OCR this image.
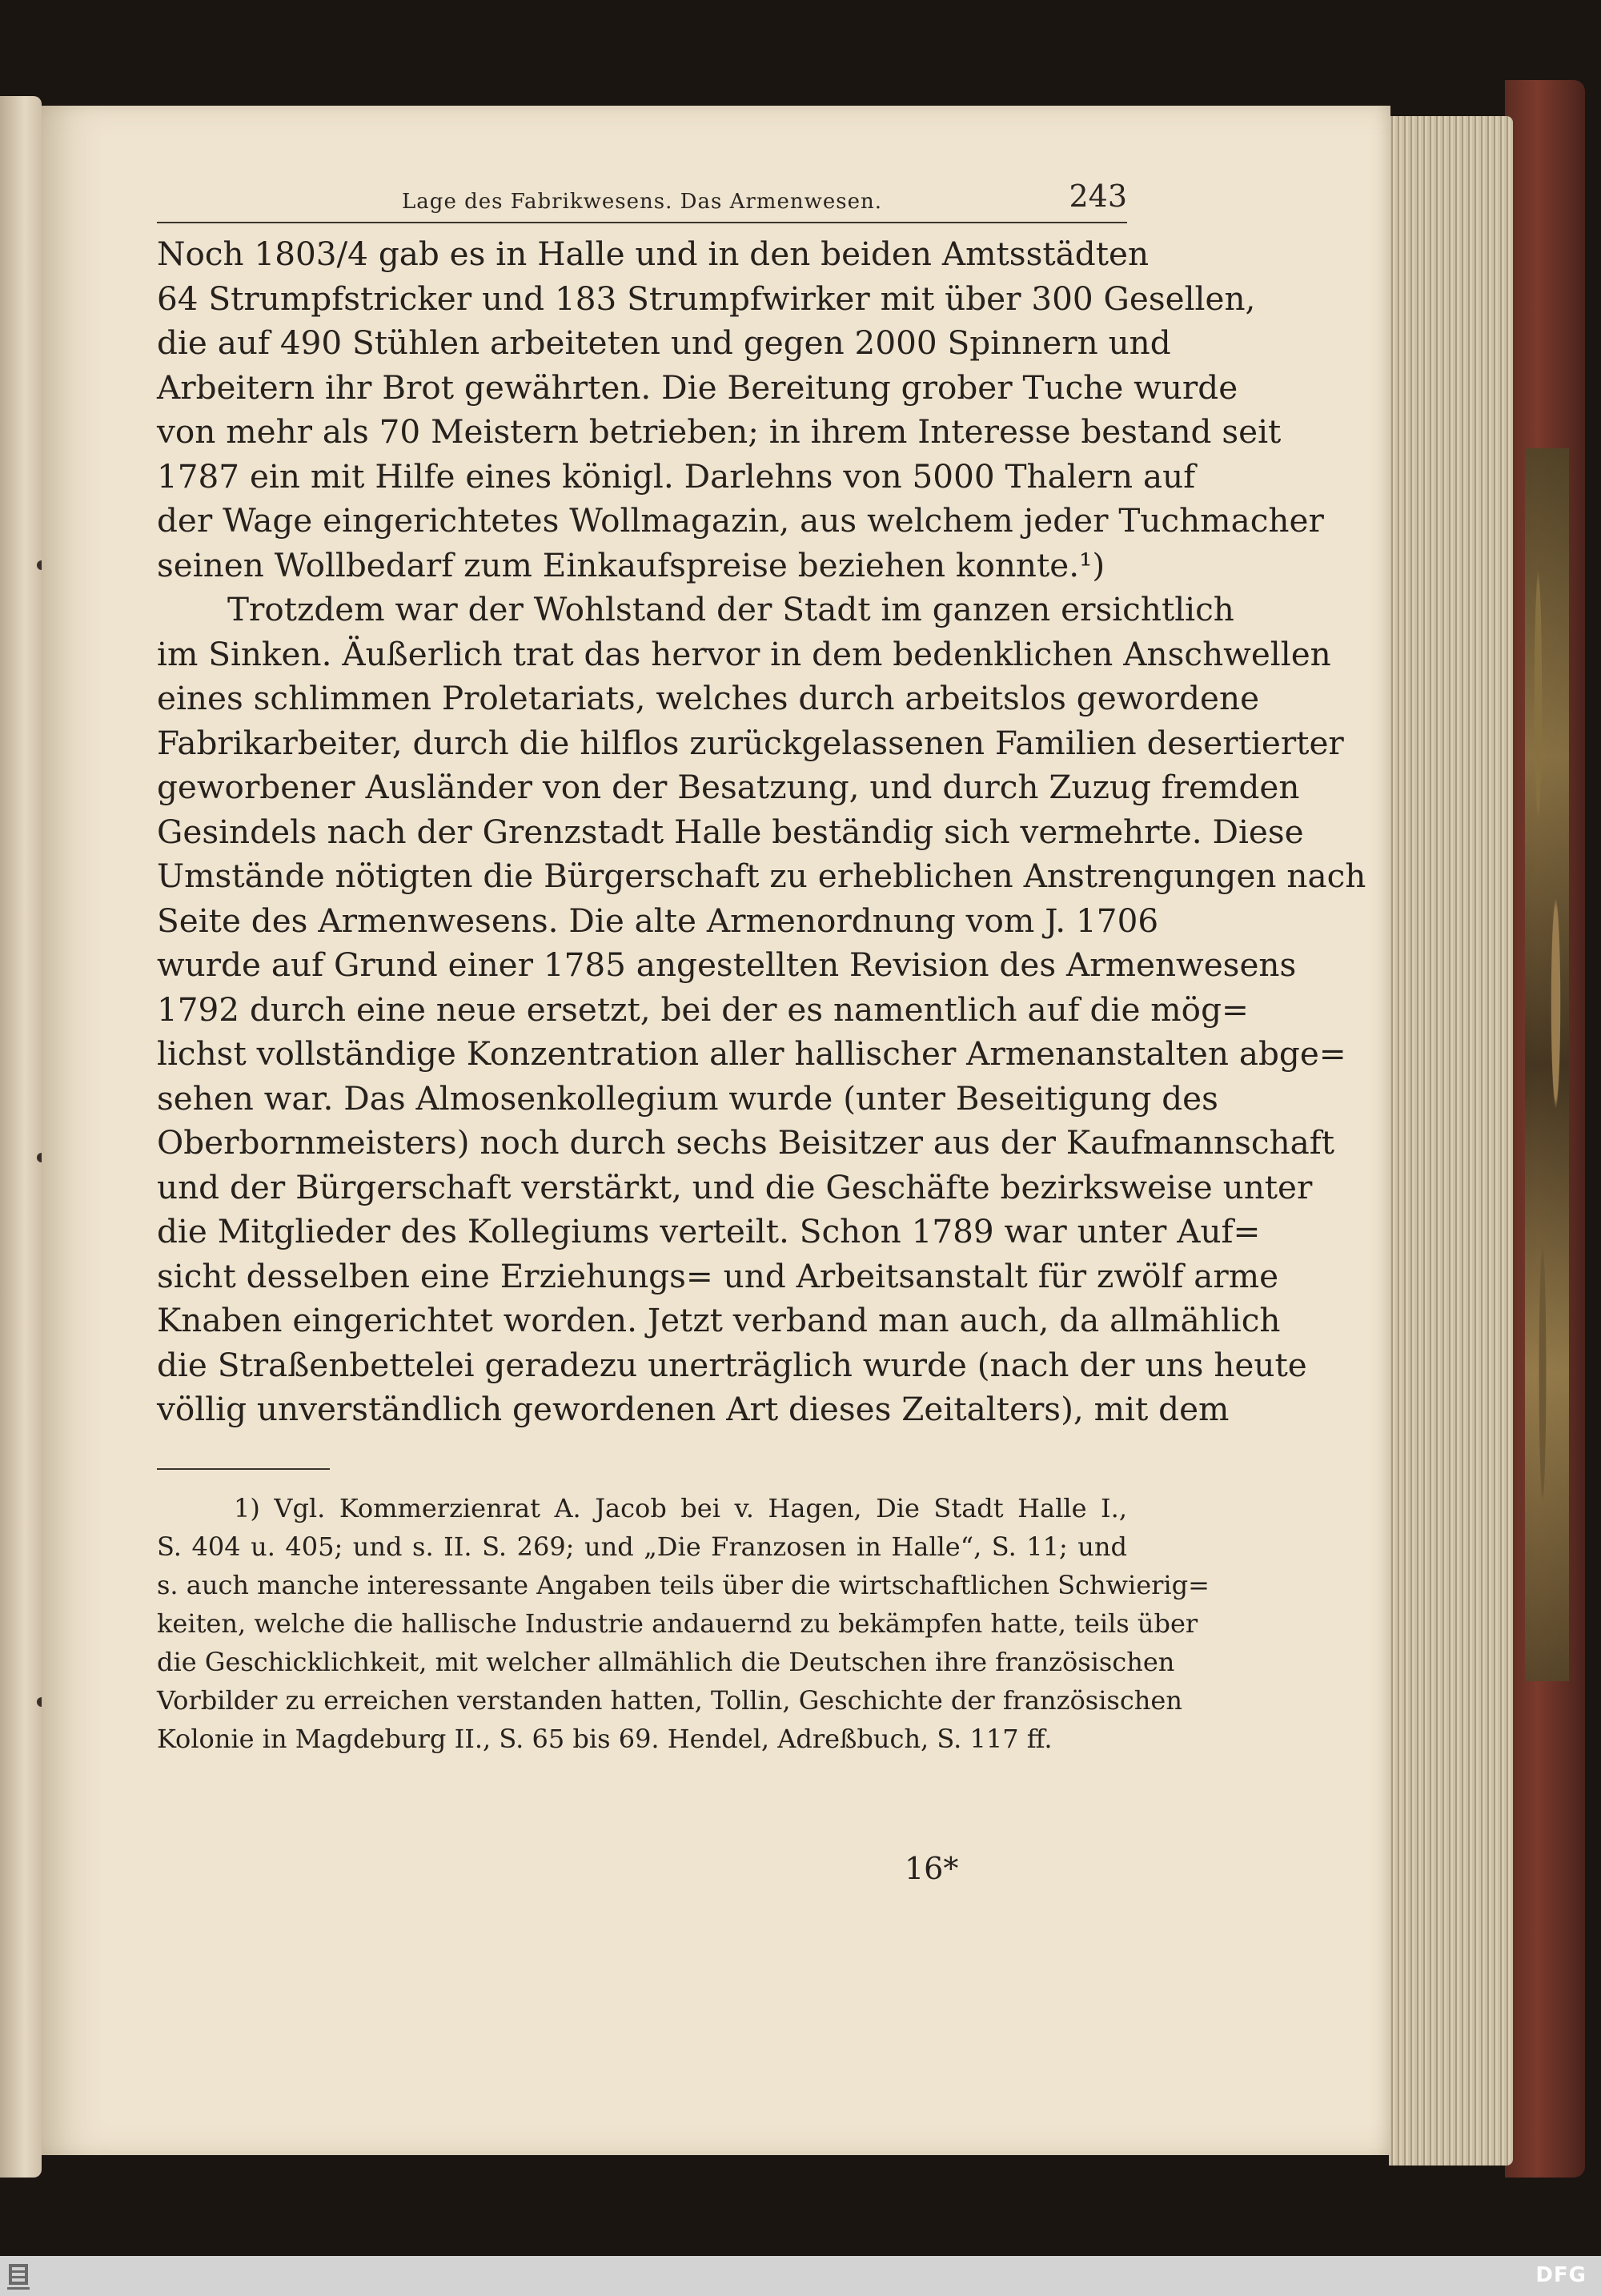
Lage des Fabrikwesens. Das Armenwesen.	243
Noch 1803/4 gab es in Halle und in den beiden Amtsstädten
64 Strumpfstricker und 183 Strumpfwirker mit über 300 Gesellen,
die auf 490 Stühlen arbeiteten und gegen 2000 Spinnern und
Arbeitern ihr Brot gewährten. Die Bereitung grober Tuche wurde
von mehr als 70 Meistern betrieben; in ihrem Interesse bestand seit
1787 ein mit Hilfe eines königl. Darlehns von 5000 Thalern auf
der Wage eingerichtetes Wollmagazin, aus welchem jeder Tuchmacher
seinen Wollbedarf zum Einkaufspreise beziehen konnte.¹)
Trotzdem war der Wohlstand der Stadt im ganzen ersichtlich
im Sinken. Äußerlich trat das hervor in dem bedenklichen Anschwellen
eines schlimmen Proletariats, welches durch arbeitslos gewordene
Fabrikarbeiter, durch die hilflos zurückgelassenen Familien desertierter
geworbener Ausländer von der Besatzung, und durch Zuzug fremden
Gesindels nach der Grenzstadt Halle beständig sich vermehrte. Diese
Umstände nötigten die Bürgerschaft zu erheblichen Anstrengungen nach
Seite des Armenwesens. Die alte Armenordnung vom J. 1706
wurde auf Grund einer 1785 angestellten Revision des Armenwesens
1792 durch eine neue ersetzt, bei der es namentlich auf die mög=
lichst vollständige Konzentration aller hallischer Armenanstalten abge=
sehen war. Das Almosenkollegium wurde (unter Beseitigung des
Oberbornmeisters) noch durch sechs Beisitzer aus der Kaufmannschaft
und der Bürgerschaft verstärkt, und die Geschäfte bezirksweise unter
die Mitglieder des Kollegiums verteilt. Schon 1789 war unter Auf=
sicht desselben eine Erziehungs= und Arbeitsanstalt für zwölf arme
Knaben eingerichtet worden. Jetzt verband man auch, da allmählich
die Straßenbettelei geradezu unerträglich wurde (nach der uns heute
völlig unverständlich gewordenen Art dieses Zeitalters), mit dem
1) Vgl. Kommerzienrat A. Jacob bei v. Hagen, Die Stadt Halle I.,
S. 404 u. 405; und s. II. S. 269; und „Die Franzosen in Halle“, S. 11; und
s. auch manche interessante Angaben teils über die wirtschaftlichen Schwierig=
keiten, welche die hallische Industrie andauernd zu bekämpfen hatte, teils über
die Geschicklichkeit, mit welcher allmählich die Deutschen ihre französischen
Vorbilder zu erreichen verstanden hatten, Tollin, Geschichte der französischen
Kolonie in Magdeburg II., S. 65 bis 69. Hendel, Adreßbuch, S. 117 ff.
16*
DFG
